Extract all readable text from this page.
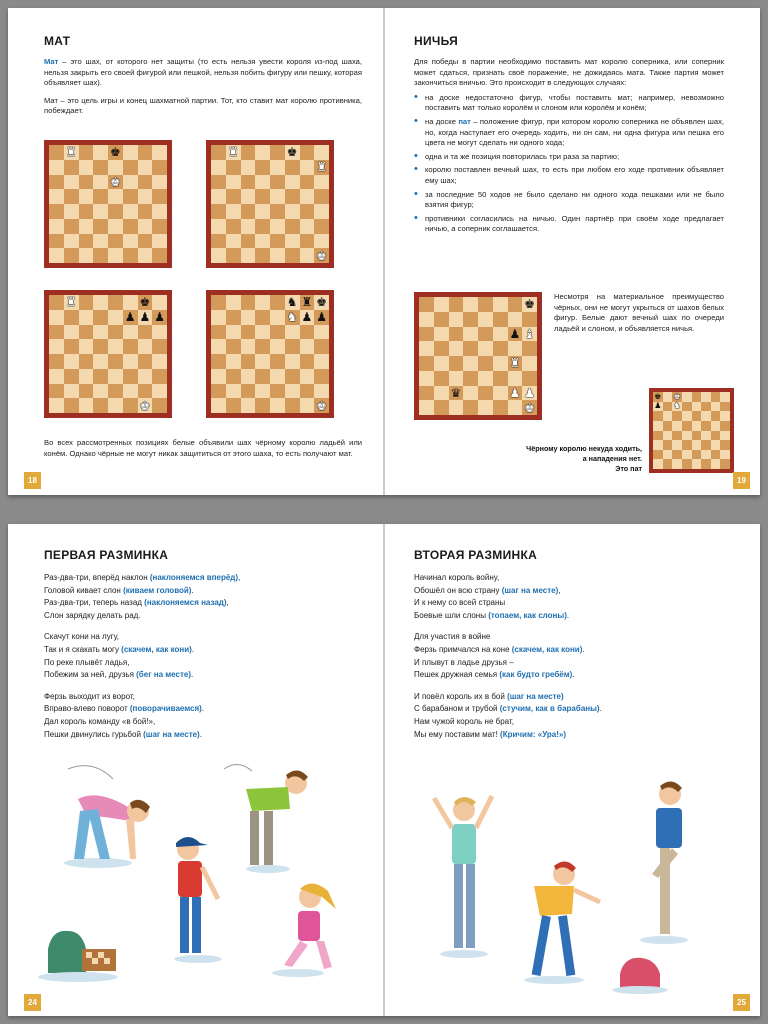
МАТ

Мат – это шах, от которого нет защиты (то есть нельзя увести короля из-под шаха, нельзя закрыть его своей фигурой или пешкой, нельзя побить фигуру или пешку, которая объявляет шах).

Мат – это цель игры и конец шахматной партии. Тот, кто ставит мат королю противника, побеждает.

♜	♚
♚
♜	♚
♜
♚
♜	♚
♟ ♟ ♟
♚
♞ ♜ ♚
♞ ♟ ♟
♚
Во всех рассмотренных позициях белые объявили шах чёрному королю ладьёй или конём. Однако чёрные не могут никак защититься от этого шаха, то есть получают мат.
18
НИЧЬЯ

Для победы в партии необходимо поставить мат королю соперника, или соперник может сдаться, признать своё поражение, не дожидаясь мата. Также партия может закончиться вничью. Это происходит в следующих случаях:

• на доске недостаточно фигур, чтобы поставить мат; например, невозможно поставить мат только королём и слоном или королём и конём;
• на доске пат – положение фигур, при котором королю соперника не объявлен шах, но, когда наступает его очередь ходить, ни он сам, ни одна фигура или пешка его цвета не могут сделать ни одного хода;
• одна и та же позиция повторилась три раза за партию;
• королю поставлен вечный шах, то есть при любом его ходе противник объявляет ему шах;
• за последние 50 ходов не было сделано ни одного хода пешками или не было взятия фигур;
• противники согласились на ничью. Один партнёр при своём ходе предлагает ничью, а соперник соглашается.
♚
♟ ♝
♜
♛	♟ ♟
♚
Несмотря на материальное преимущество чёрных, они не могут укрыться от шахов белых фигур. Белые дают вечный шах по очереди ладьёй и слоном, и объявляется ничья.
♚ ♚
♟ ♞
Чёрному королю некуда ходить,
а нападения нет.
Это пат
19
ПЕРВАЯ РАЗМИНКА

Раз-два-три, вперёд наклон (наклоняемся вперёд),
Головой кивает слон (киваем головой).
Раз-два-три, теперь назад (наклоняемся назад),
Слон зарядку делать рад.

Скачут кони на лугу,
Так и я скакать могу (скачем, как кони).
По реке плывёт ладья,
Побежим за ней, друзья (бег на месте).

Ферзь выходит из ворот,
Вправо-влево поворот (поворачиваемся).
Дал король команду «в бой!»,
Пешки двинулись гурьбой (шаг на месте).

24
ВТОРАЯ РАЗМИНКА

Начинал король войну,
Обошёл он всю страну (шаг на месте),
И к нему со всей страны
Боевые шли слоны (топаем, как слоны).

Для участия в войне
Ферзь примчался на коне (скачем, как кони).
И плывут в ладье друзья –
Пешек дружная семья (как будто гребём).

И повёл король их в бой (шаг на месте)
С барабаном и трубой (стучим, как в барабаны).
Нам чужой король не брат,
Мы ему поставим мат! (Кричим: «Ура!»)

25
